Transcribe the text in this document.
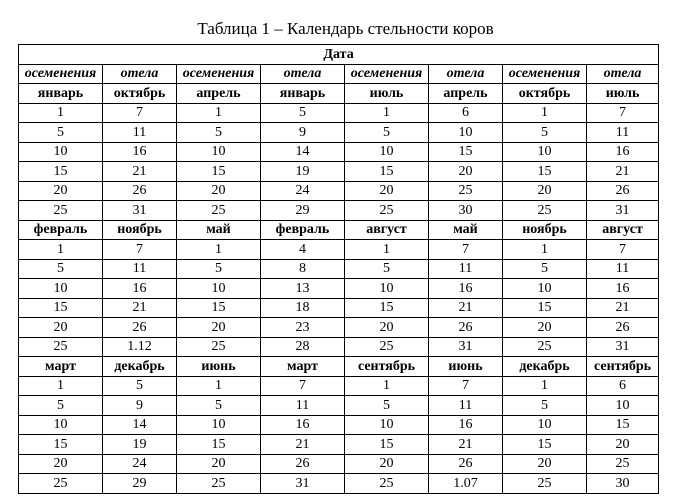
Таблица 1 – Календарь стельности коров
Дата							
осеменения	отела	осеменения	отела	осеменения	отела	осеменения	отела
январь	октябрь	апрель	январь	июль	апрель	октябрь	июль
1	7	1	5	1	6	1	7
5	11	5	9	5	10	5	11
10	16	10	14	10	15	10	16
15	21	15	19	15	20	15	21
20	26	20	24	20	25	20	26
25	31	25	29	25	30	25	31
февраль	ноябрь	май	февраль	август	май	ноябрь	август
1	7	1	4	1	7	1	7
5	11	5	8	5	11	5	11
10	16	10	13	10	16	10	16
15	21	15	18	15	21	15	21
20	26	20	23	20	26	20	26
25	1.12	25	28	25	31	25	31
март	декабрь	июнь	март	сентябрь	июнь	декабрь	сентябрь
1	5	1	7	1	7	1	6
5	9	5	11	5	11	5	10
10	14	10	16	10	16	10	15
15	19	15	21	15	21	15	20
20	24	20	26	20	26	20	25
25	29	25	31	25	1.07	25	30
